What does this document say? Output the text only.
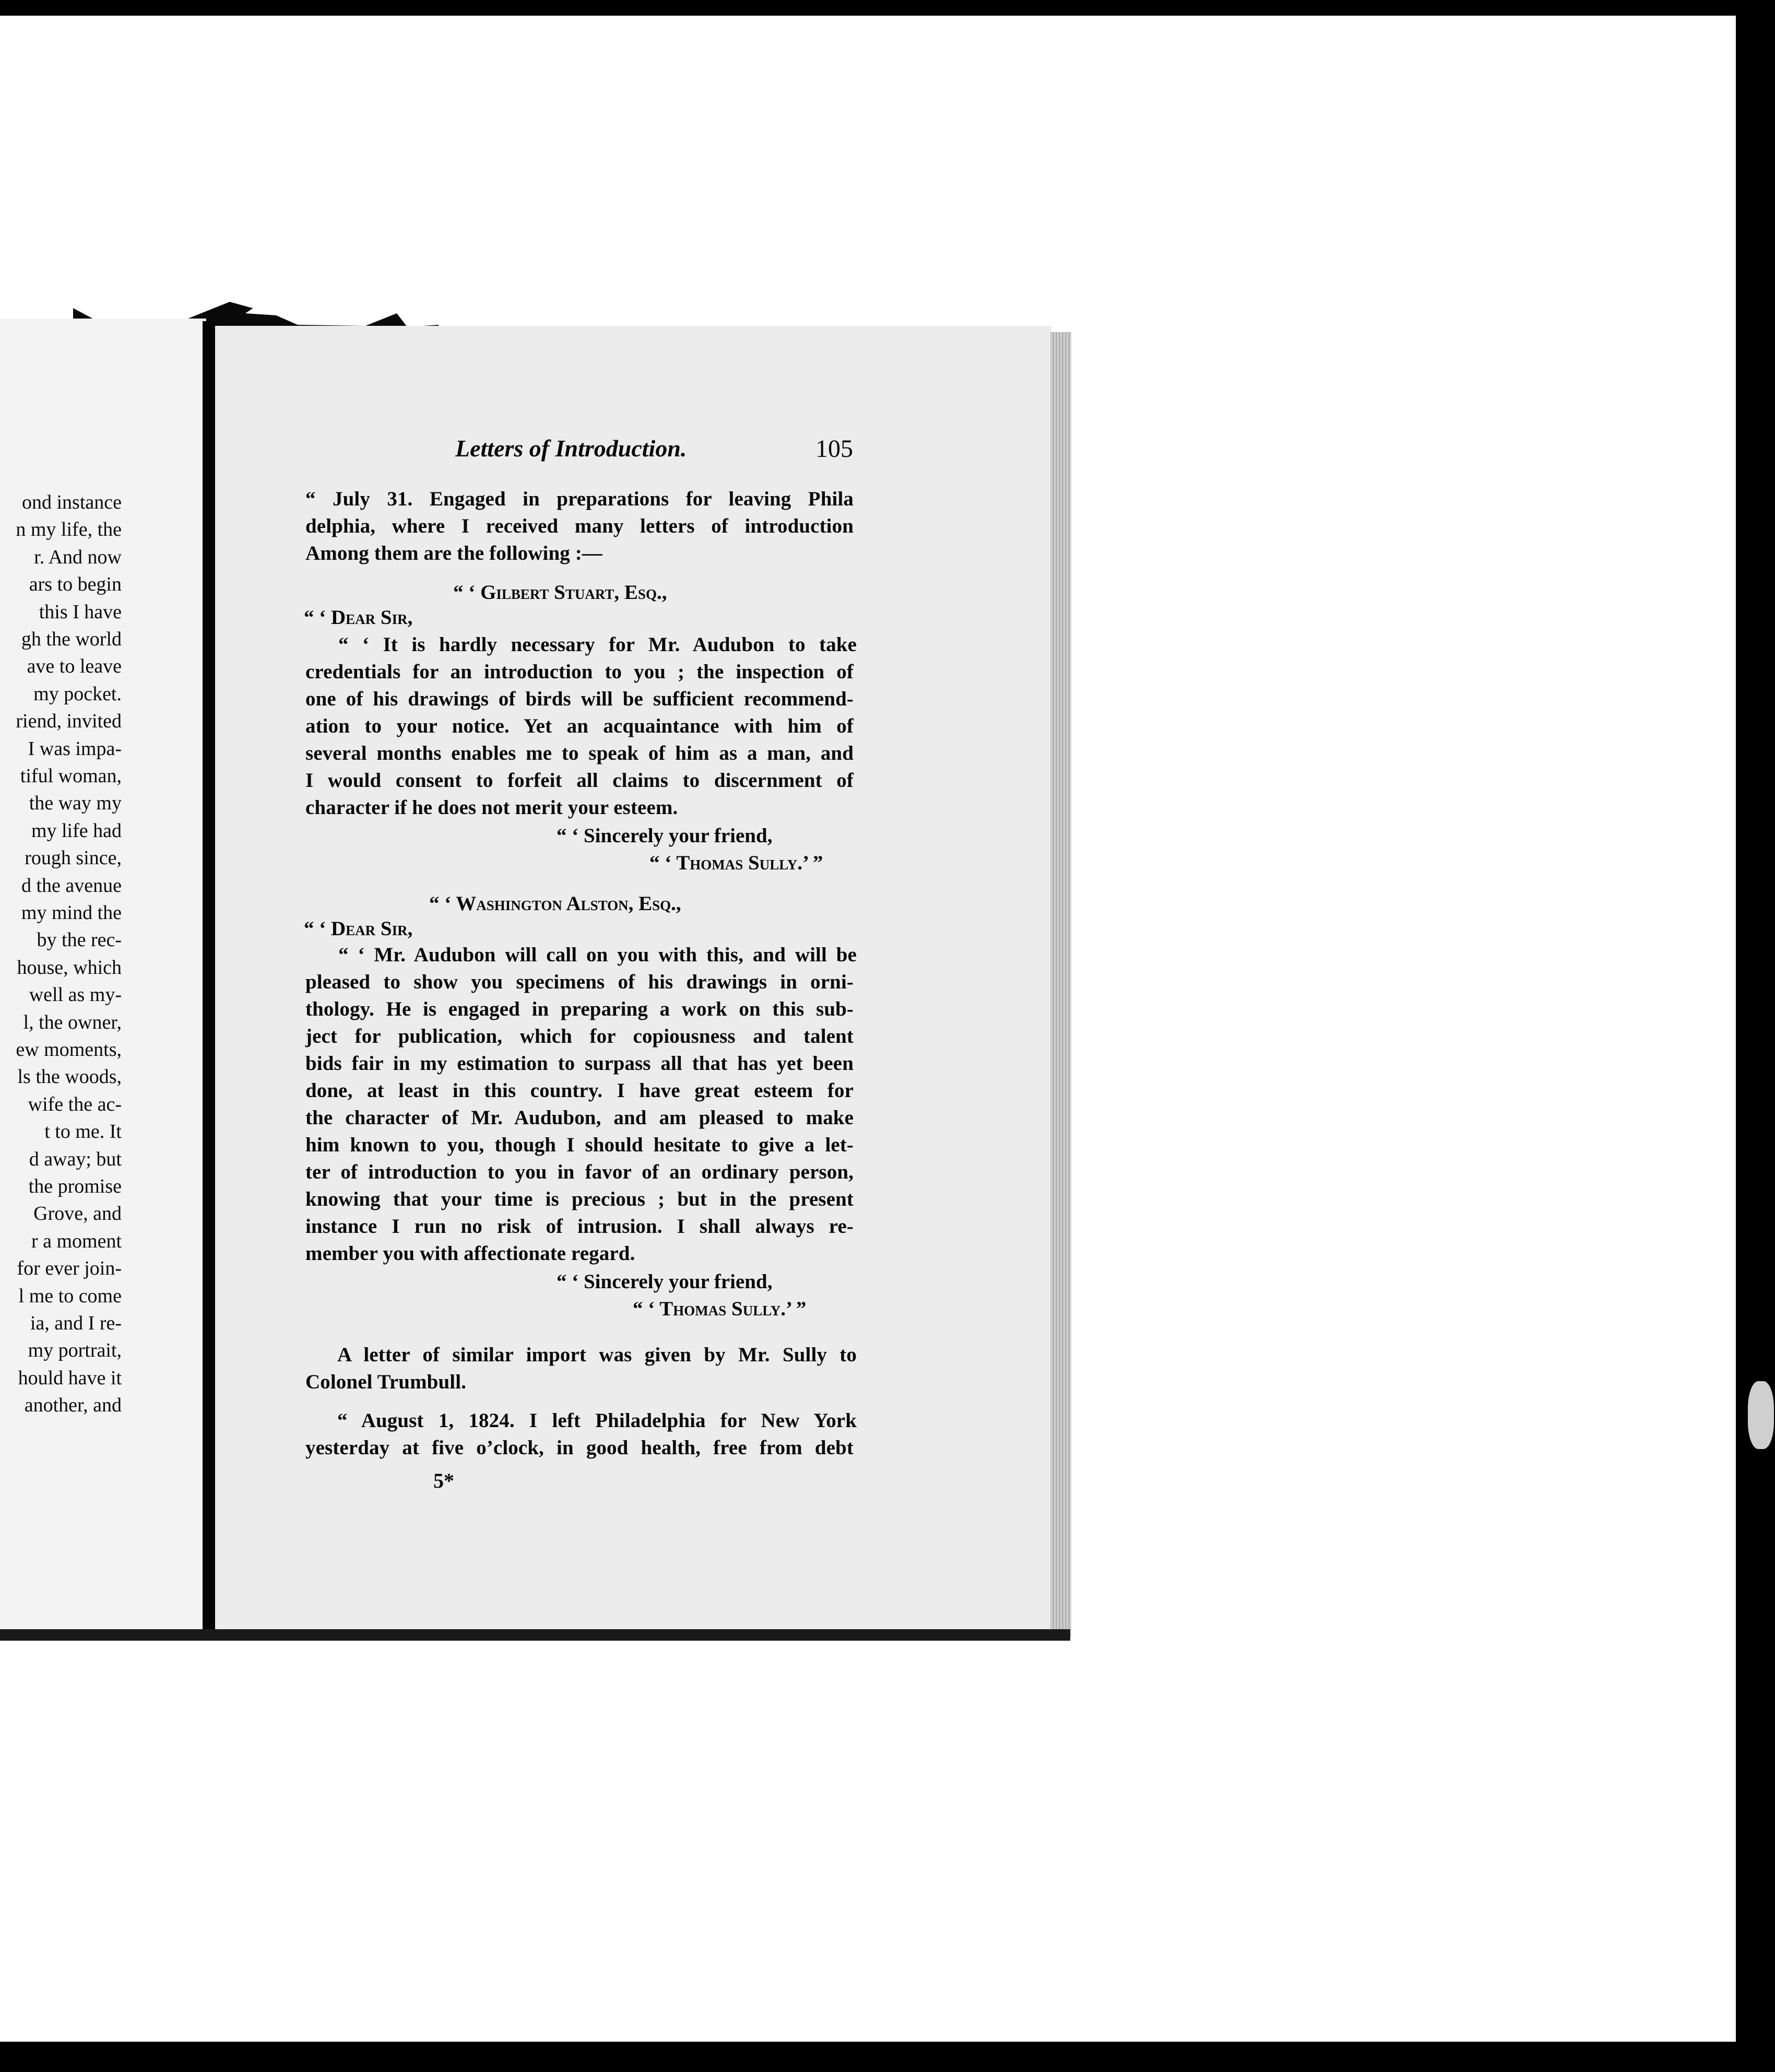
ond instance
n my life, the
r. And now
ars to begin
this I have
gh the world
ave to leave
my pocket.
riend, invited
I was impa-
tiful woman,
the way my
my life had
rough since,
d the avenue
my mind the
by the rec-
house, which
well as my-
l, the owner,
ew moments,
ls the woods,
wife the ac-
t to me. It
d away; but
the promise
Grove, and
r a moment
for ever join-
l me to come
ia, and I re-
my portrait,
hould have it
another, and
Letters of Introduction.	105
“ July 31. Engaged in preparations for leaving Phila
delphia, where I received many letters of introduction
Among them are the following :—
“ ‘ Gilbert Stuart, Esq.,
“ ‘ Dear Sir,
“ ‘ It is hardly necessary for Mr. Audubon to take
credentials for an introduction to you ; the inspection of
one of his drawings of birds will be sufficient recommend-
ation to your notice. Yet an acquaintance with him of
several months enables me to speak of him as a man, and
I would consent to forfeit all claims to discernment of
character if he does not merit your esteem.
“ ‘ Sincerely your friend,
“ ‘ Thomas Sully.’ ”
“ ‘ Washington Alston, Esq.,
“ ‘ Dear Sir,
“ ‘ Mr. Audubon will call on you with this, and will be
pleased to show you specimens of his drawings in orni-
thology. He is engaged in preparing a work on this sub-
ject for publication, which for copiousness and talent
bids fair in my estimation to surpass all that has yet been
done, at least in this country. I have great esteem for
the character of Mr. Audubon, and am pleased to make
him known to you, though I should hesitate to give a let-
ter of introduction to you in favor of an ordinary person,
knowing that your time is precious ; but in the present
instance I run no risk of intrusion. I shall always re-
member you with affectionate regard.
“ ‘ Sincerely your friend,
“ ‘ Thomas Sully.’ ”
A letter of similar import was given by Mr. Sully to
Colonel Trumbull.
“ August 1, 1824. I left Philadelphia for New York
yesterday at five o’clock, in good health, free from debt
5*
